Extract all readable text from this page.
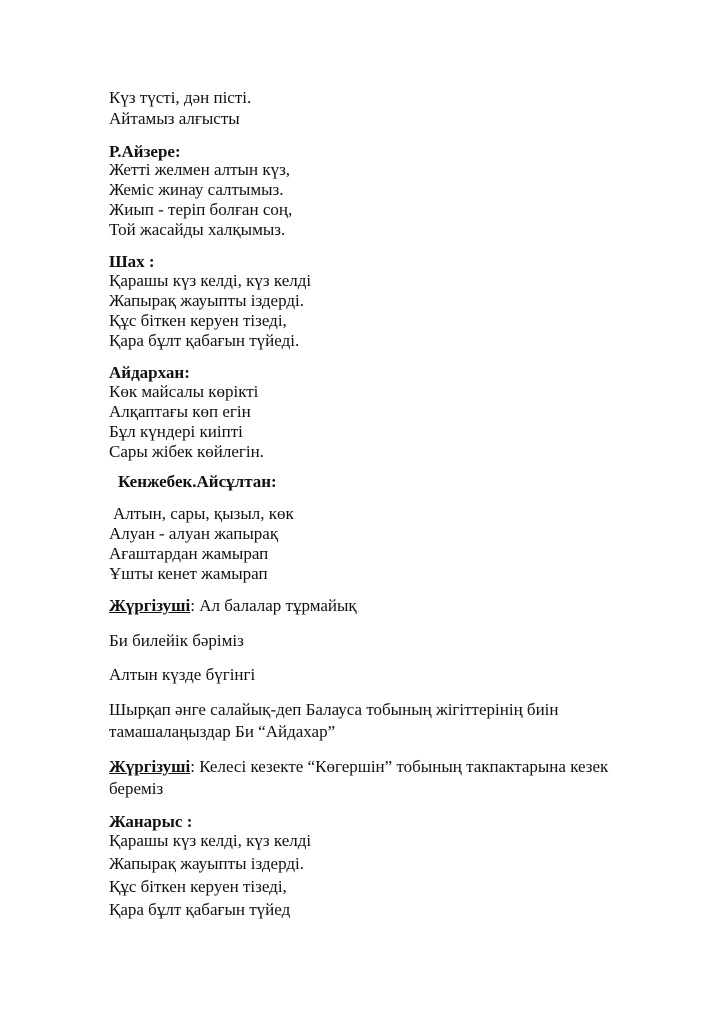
Күз түсті, дән пісті.
Айтамыз алғысты
Р.Айзере:
Жетті желмен алтын күз,
Жеміс жинау салтымыз.
Жиып - теріп болған соң,
Той жасайды халқымыз.
Шах :
Қарашы күз келді, күз келді
Жапырақ жауыпты іздерді.
Құс біткен керуен тізеді,
Қара бұлт қабағын түйеді.
Айдархан:
Көк майсалы көрікті
Алқаптағы көп егін
Бұл күндері киіпті
Сары жібек көйлегін.
Кенжебек.Айсұлтан:
Алтын, сары, қызыл, көк
Алуан - алуан жапырақ
Ағаштардан жамырап
Ұшты кенет жамырап
Жүргізуші: Ал балалар тұрмайық
Би билейік бәріміз
Алтын күзде бүгінгі
Шырқап әнге салайық-деп Балауса тобының жігіттерінің биін
тамашалаңыздар Би “Айдахар”
Жүргізуші: Келесі кезекте “Көгершін” тобының такпактарына кезек
береміз
Жанарыс :
Қарашы күз келді, күз келді
Жапырақ жауыпты іздерді.
Құс біткен керуен тізеді,
Қара бұлт қабағын түйед
